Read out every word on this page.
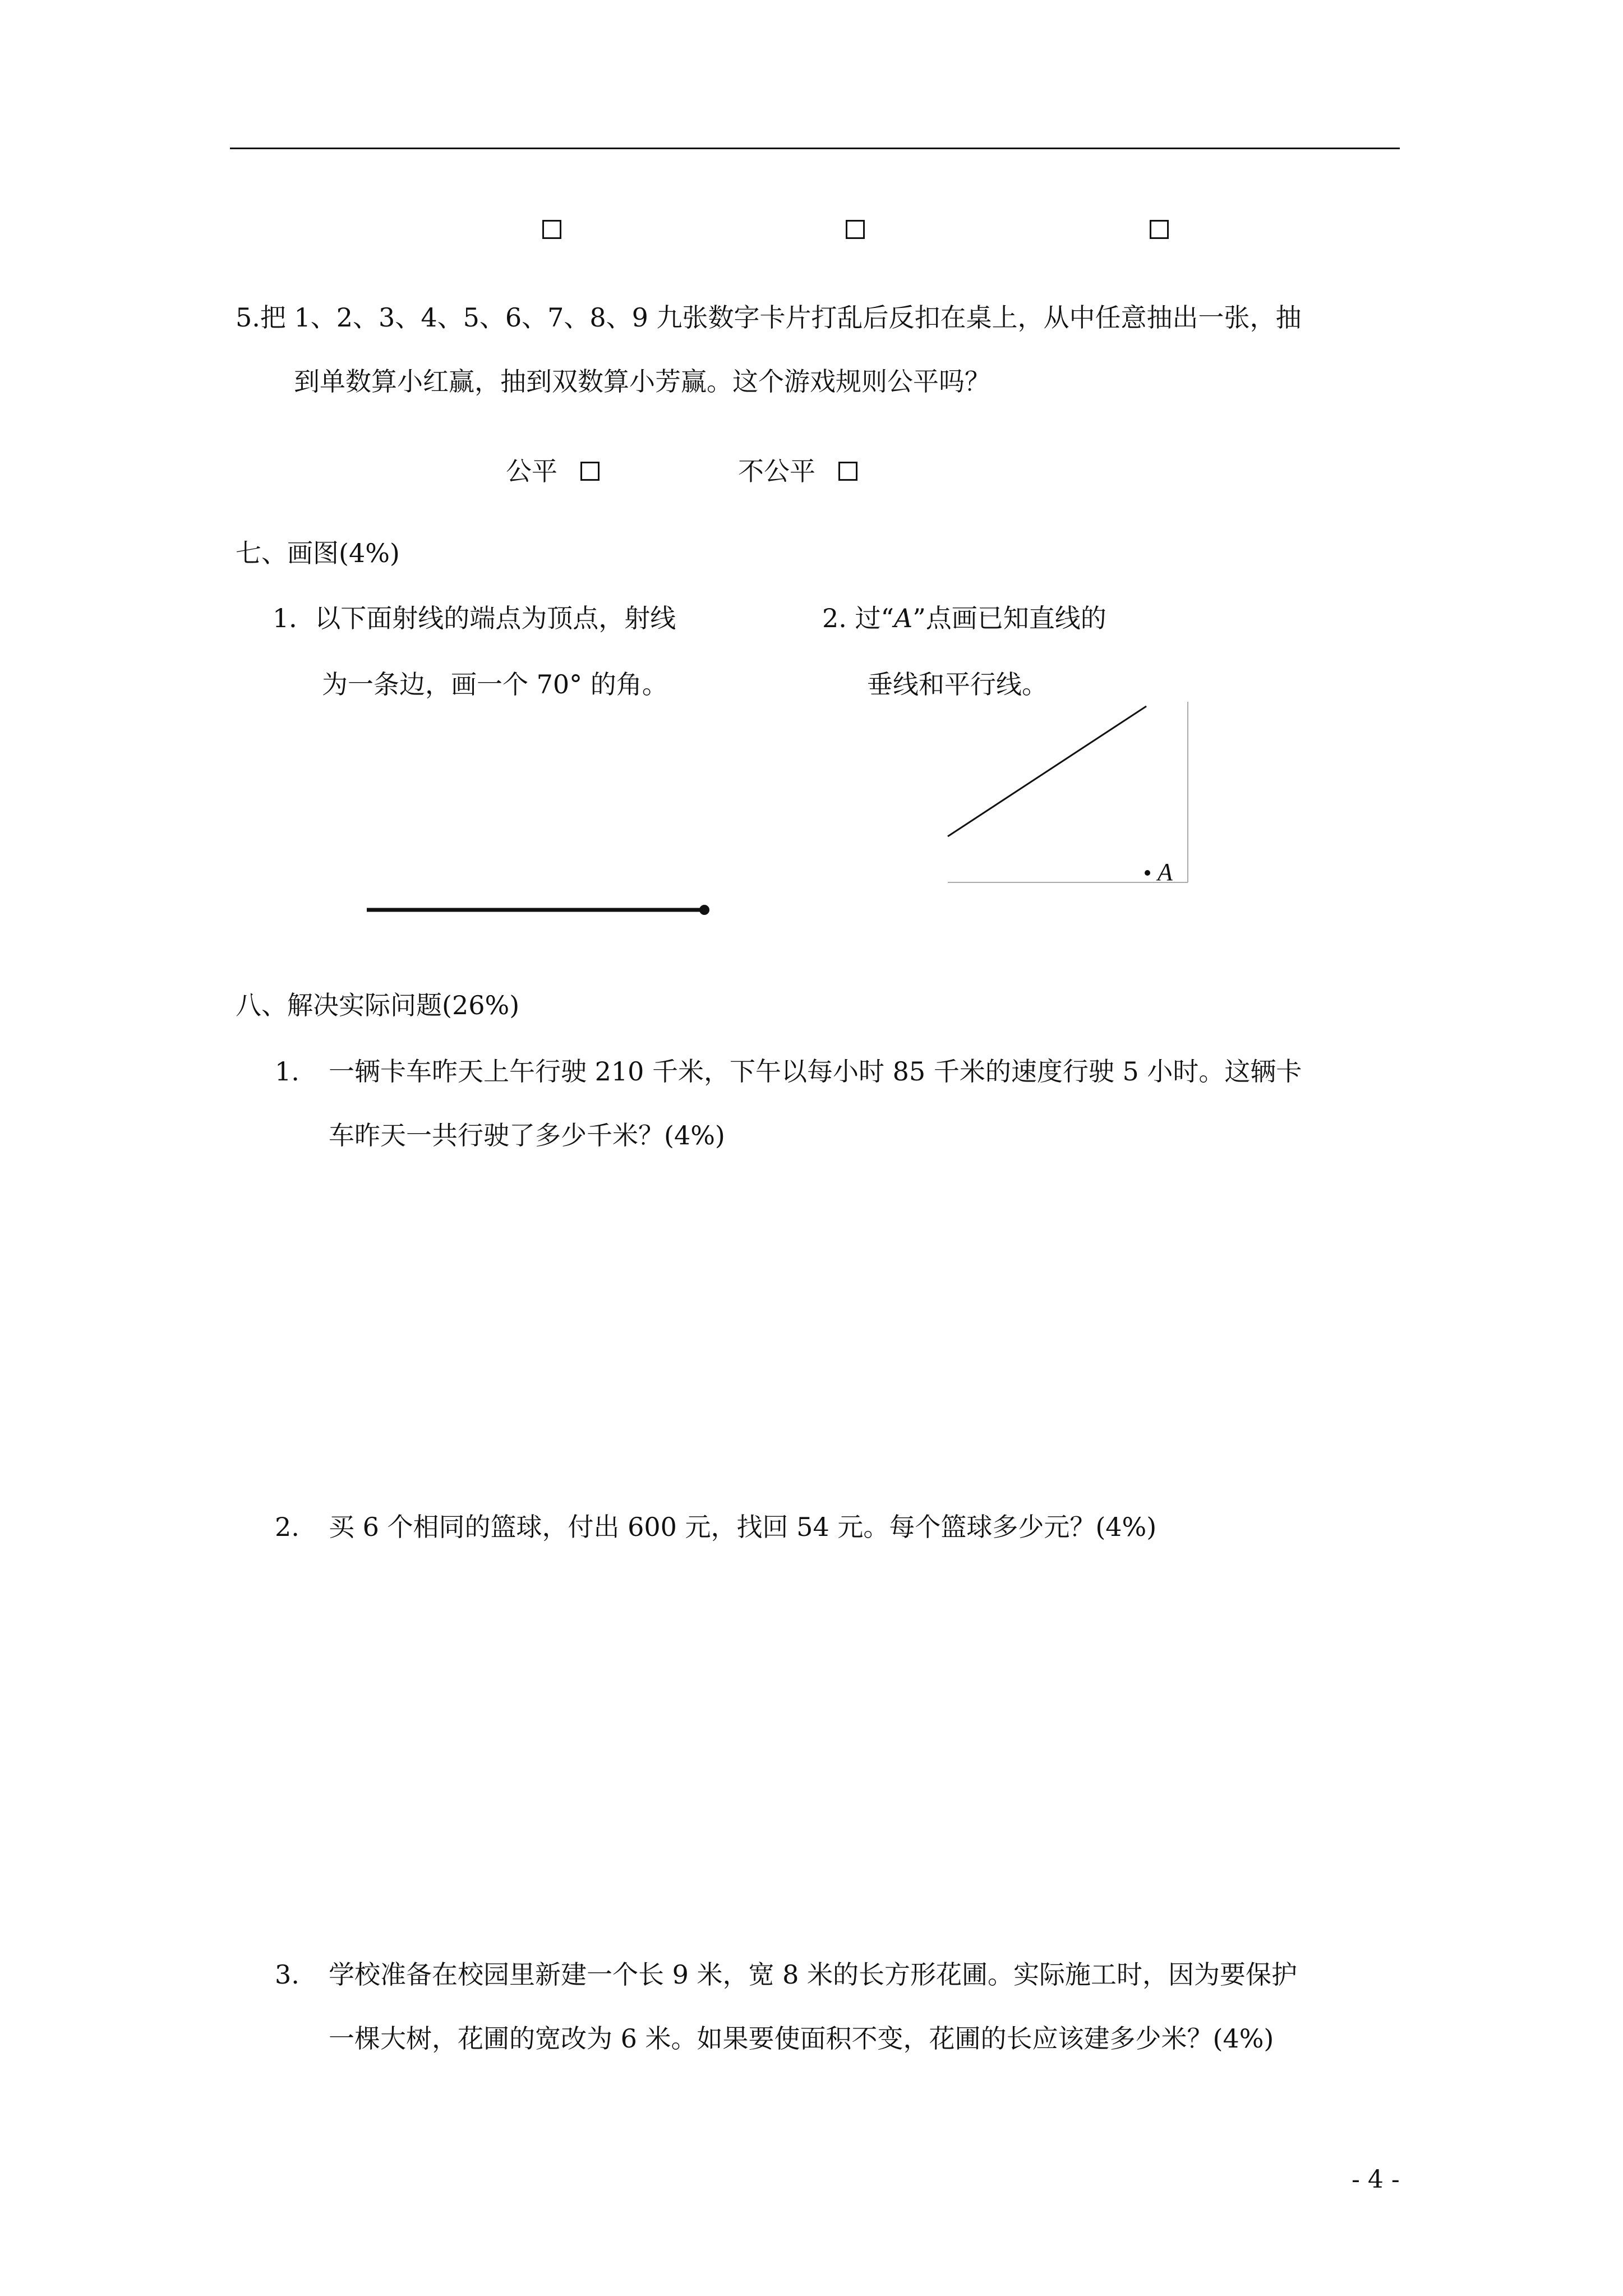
5.把 1、2、3、4、5、6、7、8、9 九张数字卡片打乱后反扣在桌上，从中任意抽出一张，抽
到单数算小红赢，抽到双数算小芳赢。这个游戏规则公平吗？
公平	不公平
七、画图(4%)
1．以下面射线的端点为顶点，射线
为一条边，画一个 70° 的角。
2. 过“A”点画已知直线的
垂线和平行线。
A
八、解决实际问题(26%)
1. 一辆卡车昨天上午行驶 210 千米，下午以每小时 85 千米的速度行驶 5 小时。这辆卡
车昨天一共行驶了多少千米？(4%)
2. 买 6 个相同的篮球，付出 600 元，找回 54 元。每个篮球多少元？(4%)
3. 学校准备在校园里新建一个长 9 米，宽 8 米的长方形花圃。实际施工时，因为要保护
一棵大树，花圃的宽改为 6 米。如果要使面积不变，花圃的长应该建多少米？(4%)
- 4 -
